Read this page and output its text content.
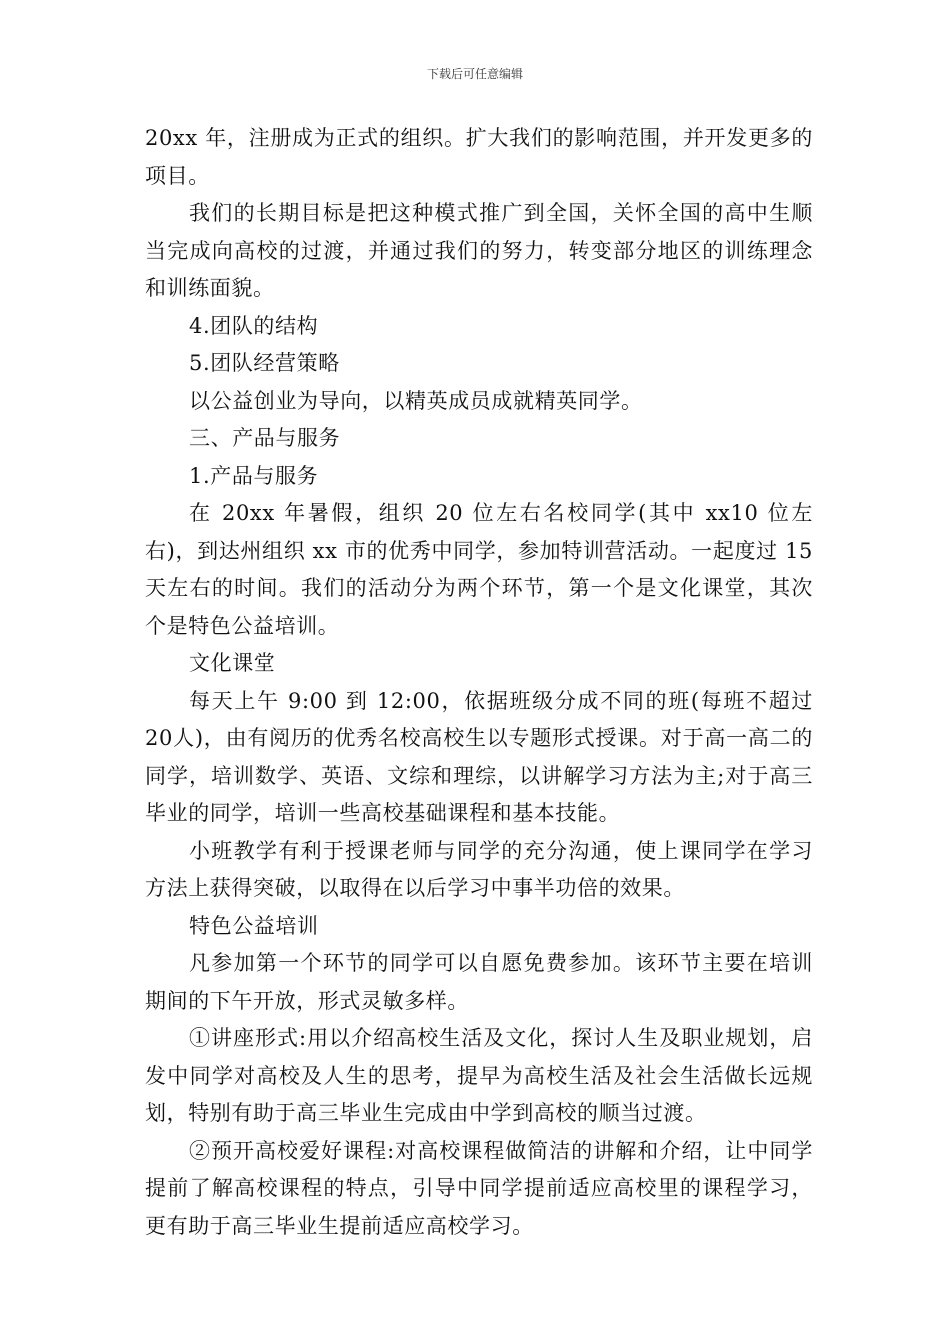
下载后可任意编辑

20xx 年，注册成为正式的组织。扩大我们的影响范围，并开发更多的项目。

我们的长期目标是把这种模式推广到全国，关怀全国的高中生顺当完成向高校的过渡，并通过我们的努力，转变部分地区的训练理念和训练面貌。

4.团队的结构

5.团队经营策略

以公益创业为导向，以精英成员成就精英同学。

三、产品与服务

1.产品与服务

在 20xx 年暑假，组织 20 位左右名校同学(其中 xx10 位左右)，到达州组织 xx 市的优秀中同学，参加特训营活动。一起度过 15 天左右的时间。我们的活动分为两个环节，第一个是文化课堂，其次个是特色公益培训。

文化课堂

每天上午 9:00 到 12:00，依据班级分成不同的班(每班不超过 20人)，由有阅历的优秀名校高校生以专题形式授课。对于高一高二的同学，培训数学、英语、文综和理综，以讲解学习方法为主;对于高三毕业的同学，培训一些高校基础课程和基本技能。

小班教学有利于授课老师与同学的充分沟通，使上课同学在学习方法上获得突破，以取得在以后学习中事半功倍的效果。

特色公益培训

凡参加第一个环节的同学可以自愿免费参加。该环节主要在培训期间的下午开放，形式灵敏多样。

①讲座形式:用以介绍高校生活及文化，探讨人生及职业规划，启发中同学对高校及人生的思考，提早为高校生活及社会生活做长远规划，特别有助于高三毕业生完成由中学到高校的顺当过渡。

②预开高校爱好课程:对高校课程做简洁的讲解和介绍，让中同学提前了解高校课程的特点，引导中同学提前适应高校里的课程学习，更有助于高三毕业生提前适应高校学习。
